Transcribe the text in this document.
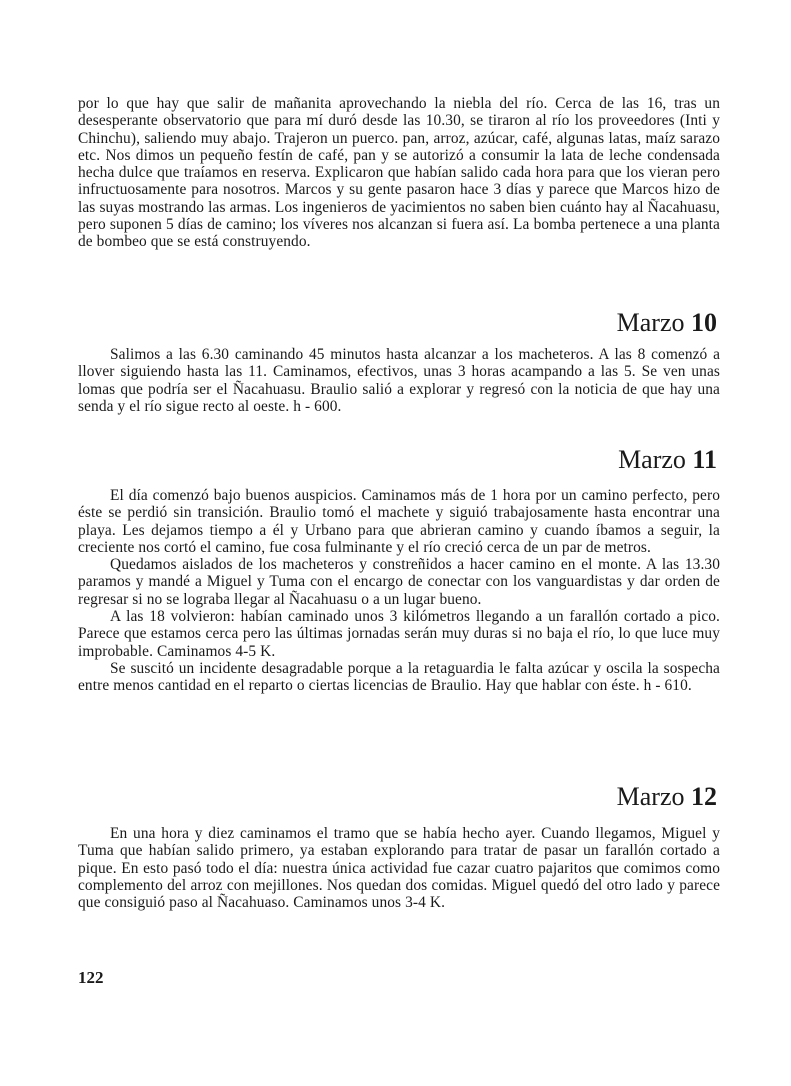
por lo que hay que salir de mañanita aprovechando la niebla del río. Cerca de las 16, tras un desesperante observatorio que para mí duró desde las 10.30, se tiraron al río los proveedores (Inti y Chinchu), saliendo muy abajo. Trajeron un puerco. pan, arroz, azúcar, café, algunas latas, maíz sarazo etc. Nos dimos un pequeño festín de café, pan y se autorizó a consumir la lata de leche condensada hecha dulce que traíamos en reserva. Explicaron que habían salido cada hora para que los vieran pero infructuosamente para nosotros. Marcos y su gente pasaron hace 3 días y parece que Marcos hizo de las suyas mostrando las armas. Los ingenieros de yacimientos no saben bien cuánto hay al Ñacahuasu, pero suponen 5 días de camino; los víveres nos alcanzan si fuera así. La bomba pertenece a una planta de bombeo que se está construyendo.

Marzo 10

Salimos a las 6.30 caminando 45 minutos hasta alcanzar a los macheteros. A las 8 comenzó a llover siguiendo hasta las 11. Caminamos, efectivos, unas 3 horas acampando a las 5. Se ven unas lomas que podría ser el Ñacahuasu. Braulio salió a explorar y regresó con la noticia de que hay una senda y el río sigue recto al oeste. h - 600.

Marzo 11

El día comenzó bajo buenos auspicios. Caminamos más de 1 hora por un camino perfecto, pero éste se perdió sin transición. Braulio tomó el machete y siguió trabajosamente hasta encontrar una playa. Les dejamos tiempo a él y Urbano para que abrieran camino y cuando íbamos a seguir, la creciente nos cortó el camino, fue cosa fulminante y el río creció cerca de un par de metros.

Quedamos aislados de los macheteros y constreñidos a hacer camino en el monte. A las 13.30 paramos y mandé a Miguel y Tuma con el encargo de conectar con los vanguardistas y dar orden de regresar si no se lograba llegar al Ñacahuasu o a un lugar bueno.

A las 18 volvieron: habían caminado unos 3 kilómetros llegando a un farallón cortado a pico. Parece que estamos cerca pero las últimas jornadas serán muy duras si no baja el río, lo que luce muy improbable. Caminamos 4-5 K.

Se suscitó un incidente desagradable porque a la retaguardia le falta azúcar y oscila la sospecha entre menos cantidad en el reparto o ciertas licencias de Braulio. Hay que hablar con éste. h - 610.

Marzo 12

En una hora y diez caminamos el tramo que se había hecho ayer. Cuando llegamos, Miguel y Tuma que habían salido primero, ya estaban explorando para tratar de pasar un farallón cortado a pique. En esto pasó todo el día: nuestra única actividad fue cazar cuatro pajaritos que comimos como complemento del arroz con mejillones. Nos quedan dos comidas. Miguel quedó del otro lado y parece que consiguió paso al Ñacahuaso. Caminamos unos 3-4 K.

122
